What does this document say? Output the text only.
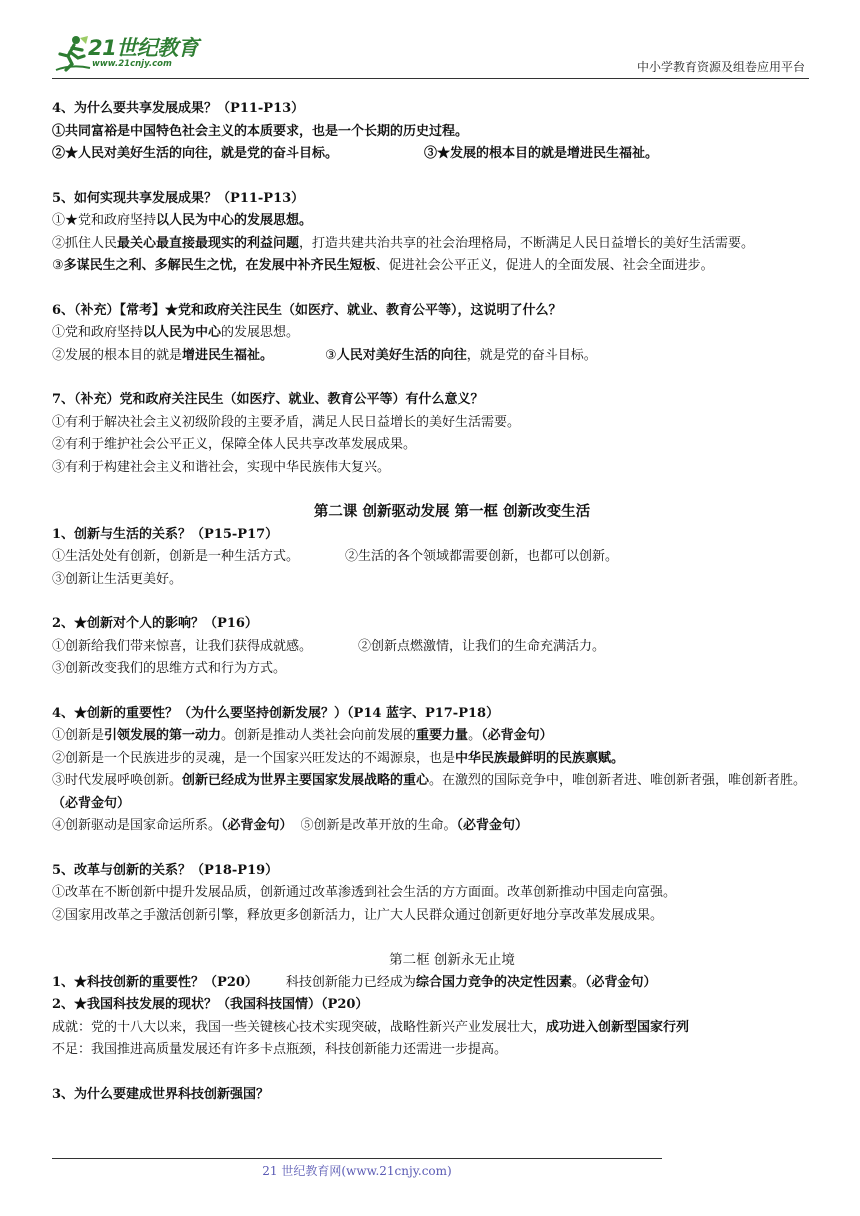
21世纪教育
www.21cnjy.com	中小学教育资源及组卷应用平台

4、为什么要共享发展成果？（P11-P13）

①共同富裕是中国特色社会主义的本质要求，也是一个长期的历史过程。

②★人民对美好生活的向往，就是党的奋斗目标。	③★发展的根本目的就是增进民生福祉。

5、如何实现共享发展成果？（P11-P13）

①★党和政府坚持以人民为中心的发展思想。

②抓住人民最关心最直接最现实的利益问题，打造共建共治共享的社会治理格局，不断满足人民日益增长的美好生活需要。

③多谋民生之利、多解民生之忧，在发展中补齐民生短板、促进社会公平正义，促进人的全面发展、社会全面进步。

6、（补充）【常考】★党和政府关注民生（如医疗、就业、教育公平等），这说明了什么？

①党和政府坚持以人民为中心的发展思想。

②发展的根本目的就是增进民生福祉。	③人民对美好生活的向往，就是党的奋斗目标。

7、（补充）党和政府关注民生（如医疗、就业、教育公平等）有什么意义？

①有利于解决社会主义初级阶段的主要矛盾，满足人民日益增长的美好生活需要。

②有利于维护社会公平正义，保障全体人民共享改革发展成果。

③有利于构建社会主义和谐社会，实现中华民族伟大复兴。

第二课 创新驱动发展 第一框 创新改变生活

1、创新与生活的关系？（P15-P17）

①生活处处有创新，创新是一种生活方式。	②生活的各个领域都需要创新，也都可以创新。

③创新让生活更美好。

2、★创新对个人的影响？（P16）

①创新给我们带来惊喜，让我们获得成就感。	②创新点燃激情，让我们的生命充满活力。

③创新改变我们的思维方式和行为方式。

4、★创新的重要性？（为什么要坚持创新发展？）（P14 蓝字、P17-P18）

①创新是引领发展的第一动力。创新是推动人类社会向前发展的重要力量。（必背金句）

②创新是一个民族进步的灵魂，是一个国家兴旺发达的不竭源泉，也是中华民族最鲜明的民族禀赋。

③时代发展呼唤创新。创新已经成为世界主要国家发展战略的重心。在激烈的国际竞争中，唯创新者进、唯创新者强，唯创新者胜。（必背金句）

④创新驱动是国家命运所系。（必背金句） ⑤创新是改革开放的生命。（必背金句）

5、改革与创新的关系？（P18-P19）

①改革在不断创新中提升发展品质，创新通过改革渗透到社会生活的方方面面。改革创新推动中国走向富强。

②国家用改革之手激活创新引擎，释放更多创新活力，让广大人民群众通过创新更好地分享改革发展成果。

第二框 创新永无止境

1、★科技创新的重要性？（P20） 科技创新能力已经成为综合国力竞争的决定性因素。（必背金句）

2、★我国科技发展的现状？（我国科技国情）（P20）

成就：党的十八大以来，我国一些关键核心技术实现突破，战略性新兴产业发展壮大，成功进入创新型国家行列

不足：我国推进高质量发展还有许多卡点瓶颈，科技创新能力还需进一步提高。

3、为什么要建成世界科技创新强国？

21 世纪教育网(www.21cnjy.com)
